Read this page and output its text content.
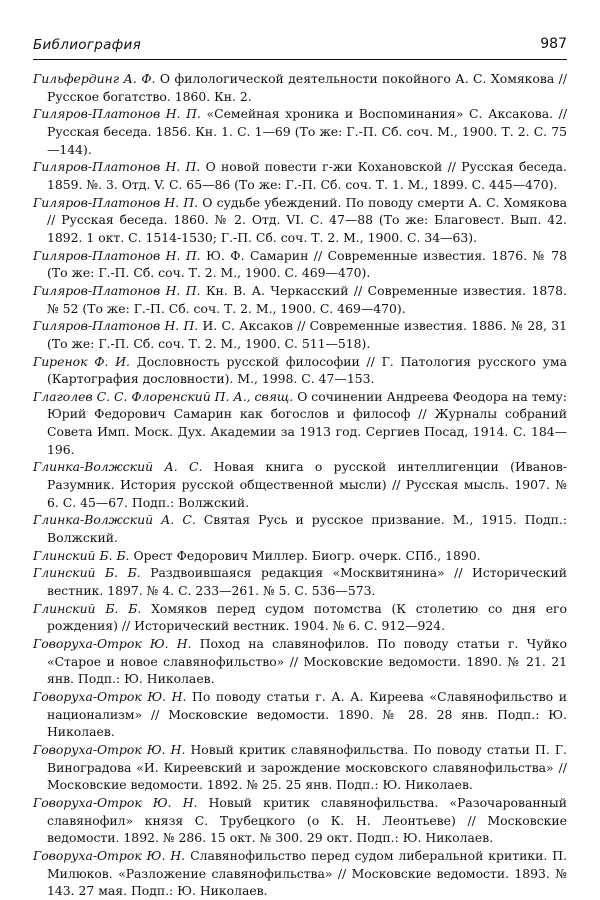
Библиография	987

Гильфердинг А. Ф. О филологической деятельности покойного А. С. Хомякова // Русское богатство. 1860. Кн. 2.

Гиляров-Платонов Н. П. «Семейная хроника и Воспоминания» С. Аксакова. // Русская беседа. 1856. Кн. 1. С. 1—69 (То же: Г.-П. Сб. соч. М., 1900. Т. 2. С. 75—144).

Гиляров-Платонов Н. П. О новой повести г-жи Кохановской // Русская беседа. 1859. №. 3. Отд. V. С. 65—86 (То же: Г.-П. Сб. соч. Т. 1. М., 1899. С. 445—470).

Гиляров-Платонов Н. П. О судьбе убеждений. По поводу смерти А. С. Хомякова // Русская беседа. 1860. № 2. Отд. VI. С. 47—88 (То же: Благовест. Вып. 42. 1892. 1 окт. С. 1514-1530; Г.-П. Сб. соч. Т. 2. М., 1900. С. 34—63).

Гиляров-Платонов Н. П. Ю. Ф. Самарин // Современные известия. 1876. № 78 (То же: Г.-П. Сб. соч. Т. 2. М., 1900. С. 469—470).

Гиляров-Платонов Н. П. Кн. В. А. Черкасский // Современные известия. 1878. № 52 (То же: Г.-П. Сб. соч. Т. 2. М., 1900. С. 469—470).

Гиляров-Платонов Н. П. И. С. Аксаков // Современные известия. 1886. № 28, 31 (То же: Г.-П. Сб. соч. Т. 2. М., 1900. С. 511—518).

Гиренок Ф. И. Дословность русской философии // Г. Патология русского ума (Картография дословности). М., 1998. С. 47—153.

Глаголев С. С. Флоренский П. А., свящ. О сочинении Андреева Феодора на тему: Юрий Федорович Самарин как богослов и философ // Журналы собраний Совета Имп. Моск. Дух. Академии за 1913 год. Сергиев Посад, 1914. С. 184—196.

Глинка-Волжский А. С. Новая книга о русской интеллигенции (Иванов-Разумник. История русской общественной мысли) // Русская мысль. 1907. № 6. С. 45—67. Подп.: Волжский.

Глинка-Волжский А. С. Святая Русь и русское призвание. М., 1915. Подп.: Волжский.

Глинский Б. Б. Орест Федорович Миллер. Биогр. очерк. СПб., 1890.

Глинский Б. Б. Раздвоившаяся редакция «Москвитянина» // Исторический вестник. 1897. № 4. С. 233—261. № 5. С. 536—573.

Глинский Б. Б. Хомяков перед судом потомства (К столетию со дня его рождения) // Исторический вестник. 1904. № 6. С. 912—924.

Говоруха-Отрок Ю. Н. Поход на славянофилов. По поводу статьи г. Чуйко «Старое и новое славянофильство» // Московские ведомости. 1890. № 21. 21 янв. Подп.: Ю. Николаев.

Говоруха-Отрок Ю. Н. По поводу статьи г. А. А. Киреева «Славянофильство и национализм» // Московские ведомости. 1890. № 28. 28 янв. Подп.: Ю. Николаев.

Говоруха-Отрок Ю. Н. Новый критик славянофильства. По поводу статьи П. Г. Виноградова «И. Киреевский и зарождение московского славянофильства» // Московские ведомости. 1892. № 25. 25 янв. Подп.: Ю. Николаев.

Говоруха-Отрок Ю. Н. Новый критик славянофильства. «Разочарованный славянофил» князя С. Трубецкого (о К. Н. Леонтьеве) // Московские ведомости. 1892. № 286. 15 окт. № 300. 29 окт. Подп.: Ю. Николаев.

Говоруха-Отрок Ю. Н. Славянофильство перед судом либеральной критики. П. Милюков. «Разложение славянофильства» // Московские ведомости. 1893. № 143. 27 мая. Подп.: Ю. Николаев.
